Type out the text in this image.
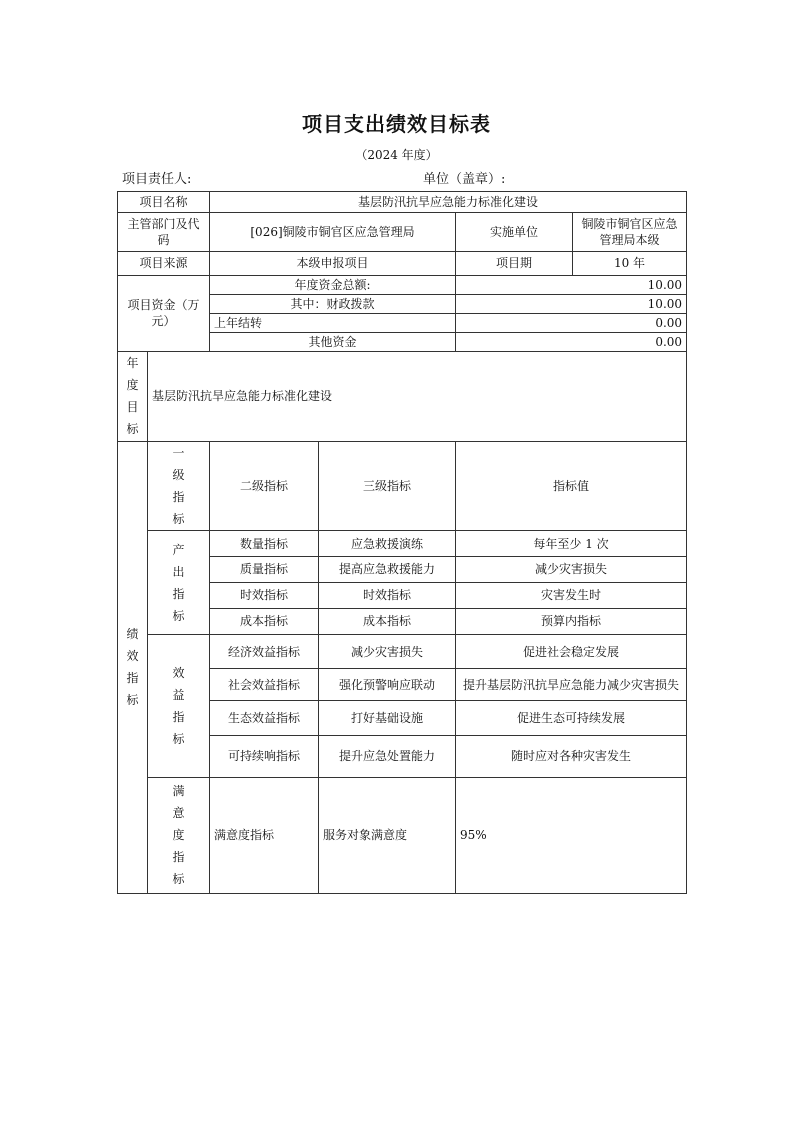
项目支出绩效目标表
（2024 年度）
项目责任人:	单位（盖章）:
项目名称		基层防汛抗旱应急能力标准化建设			
主管部门及代码		[026]铜陵市铜官区应急管理局		实施单位	铜陵市铜官区应急管理局本级
项目来源		本级申报项目		项目期	10 年
项目资金（万元）		年度资金总额:		10.00	
		其中：财政拨款		10.00	
		上年结转		0.00	
		其他资金		0.00	

年
度
目
标	基层防汛抗旱应急能力标准化建设				

绩
效
指
标	一
级
指
标	二级指标	三级指标	指标值	

	产
出
指
标	数量指标	应急救援演练	每年至少 1 次	
		质量指标	提高应急救援能力	减少灾害损失	
		时效指标	时效指标	灾害发生时	
		成本指标	成本指标	预算内指标	

	效
益
指
标	经济效益指标	减少灾害损失	促进社会稳定发展	
		社会效益指标	强化预警响应联动	提升基层防汛抗旱应急能力减少灾害损失	
		生态效益指标	打好基础设施	促进生态可持续发展	
		可持续响指标	提升应急处置能力	随时应对各种灾害发生	

	满
意
度
指
标	满意度指标	服务对象满意度	95%	
